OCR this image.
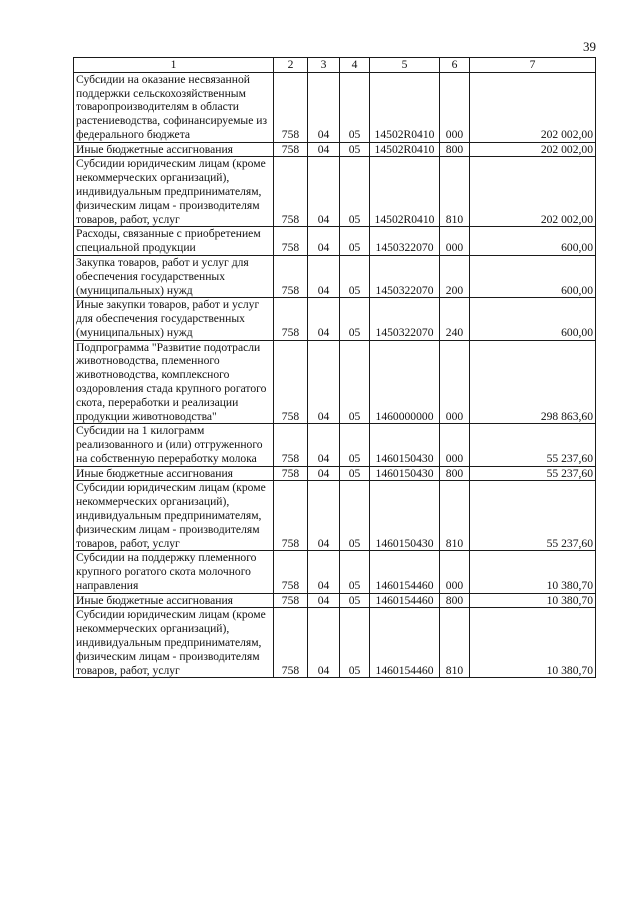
39
1	2	3	4	5	6	7
Субсидии на оказание несвязанной поддержки сельскохозяйственным товаропроизводителям в области растениеводства, софинансируемые из федерального бюджета	758	04	05	14502R0410	000	202 002,00
Иные бюджетные ассигнования	758	04	05	14502R0410	800	202 002,00
Субсидии юридическим лицам (кроме некоммерческих организаций), индивидуальным предпринимателям, физическим лицам - производителям товаров, работ, услуг	758	04	05	14502R0410	810	202 002,00
Расходы, связанные с приобретением специальной продукции	758	04	05	1450322070	000	600,00
Закупка товаров, работ и услуг для обеспечения государственных (муниципальных) нужд	758	04	05	1450322070	200	600,00
Иные закупки товаров, работ и услуг для обеспечения государственных (муниципальных) нужд	758	04	05	1450322070	240	600,00
Подпрограмма "Развитие подотрасли животноводства, племенного животноводства, комплексного оздоровления стада крупного рогатого скота, переработки и реализации продукции животноводства"	758	04	05	1460000000	000	298 863,60
Субсидии на 1 килограмм реализованного и (или) отгруженного на собственную переработку молока	758	04	05	1460150430	000	55 237,60
Иные бюджетные ассигнования	758	04	05	1460150430	800	55 237,60
Субсидии юридическим лицам (кроме некоммерческих организаций), индивидуальным предпринимателям, физическим лицам - производителям товаров, работ, услуг	758	04	05	1460150430	810	55 237,60
Субсидии на поддержку племенного крупного рогатого скота молочного направления	758	04	05	1460154460	000	10 380,70
Иные бюджетные ассигнования	758	04	05	1460154460	800	10 380,70
Субсидии юридическим лицам (кроме некоммерческих организаций), индивидуальным предпринимателям, физическим лицам - производителям товаров, работ, услуг	758	04	05	1460154460	810	10 380,70
